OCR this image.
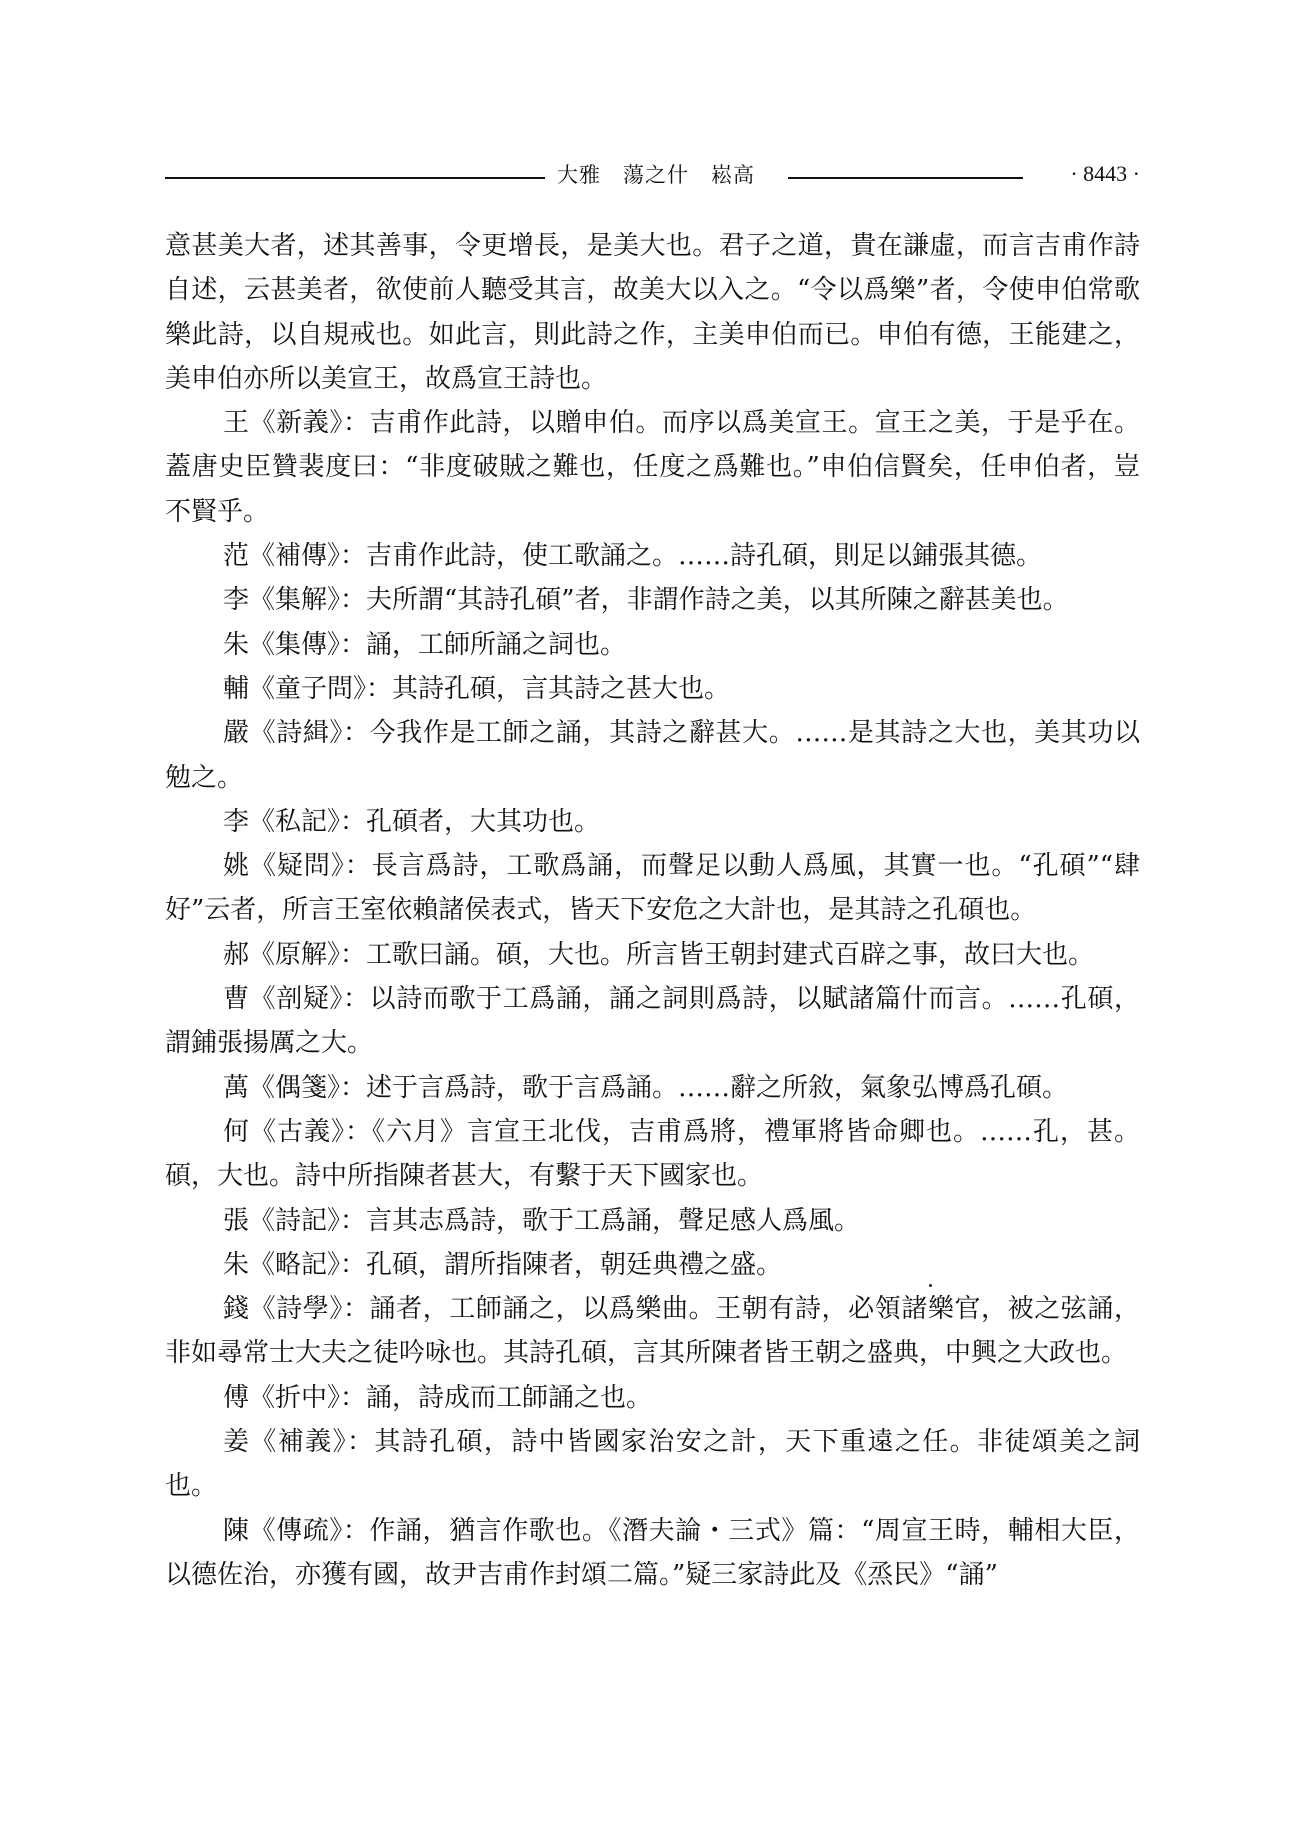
大雅　蕩之什　崧高	· 8443 ·

意甚美大者，述其善事，令更增長，是美大也。君子之道，貴在謙虛，而言吉甫作詩自述，云甚美者，欲使前人聽受其言，故美大以入之。“令以爲樂”者，令使申伯常歌樂此詩，以自規戒也。如此言，則此詩之作，主美申伯而已。申伯有德，王能建之，美申伯亦所以美宣王，故爲宣王詩也。

王《新義》：吉甫作此詩，以贈申伯。而序以爲美宣王。宣王之美，于是乎在。蓋唐史臣贊裴度曰：“非度破賊之難也，任度之爲難也。”申伯信賢矣，任申伯者，豈不賢乎。

范《補傳》：吉甫作此詩，使工歌誦之。……詩孔碩，則足以鋪張其德。

李《集解》：夫所謂“其詩孔碩”者，非謂作詩之美，以其所陳之辭甚美也。

朱《集傳》：誦，工師所誦之詞也。

輔《童子問》：其詩孔碩，言其詩之甚大也。

嚴《詩緝》：今我作是工師之誦，其詩之辭甚大。……是其詩之大也，美其功以勉之。

李《私記》：孔碩者，大其功也。

姚《疑問》：長言爲詩，工歌爲誦，而聲足以動人爲風，其實一也。“孔碩”“肆好”云者，所言王室依賴諸侯表式，皆天下安危之大計也，是其詩之孔碩也。

郝《原解》：工歌曰誦。碩，大也。所言皆王朝封建式百辟之事，故曰大也。

曹《剖疑》：以詩而歌于工爲誦，誦之詞則爲詩，以賦諸篇什而言。……孔碩，謂鋪張揚厲之大。

萬《偶箋》：述于言爲詩，歌于言爲誦。……辭之所敘，氣象弘博爲孔碩。

何《古義》：《六月》言宣王北伐，吉甫爲將，禮軍將皆命卿也。……孔，甚。碩，大也。詩中所指陳者甚大，有繫于天下國家也。

張《詩記》：言其志爲詩，歌于工爲誦，聲足感人爲風。

朱《略記》：孔碩，謂所指陳者，朝廷典禮之盛。

錢《詩學》：誦者，工師誦之，以爲樂曲。王朝有詩，必領諸樂官，被之弦誦，非如尋常士大夫之徒吟咏也。其詩孔碩，言其所陳者皆王朝之盛典，中興之大政也。

傅《折中》：誦，詩成而工師誦之也。

姜《補義》：其詩孔碩，詩中皆國家治安之計，天下重遠之任。非徒頌美之詞也。

陳《傳疏》：作誦，猶言作歌也。《潛夫論・三式》篇：“周宣王時，輔相大臣，以德佐治，亦獲有國，故尹吉甫作封頌二篇。”疑三家詩此及《烝民》“誦”
